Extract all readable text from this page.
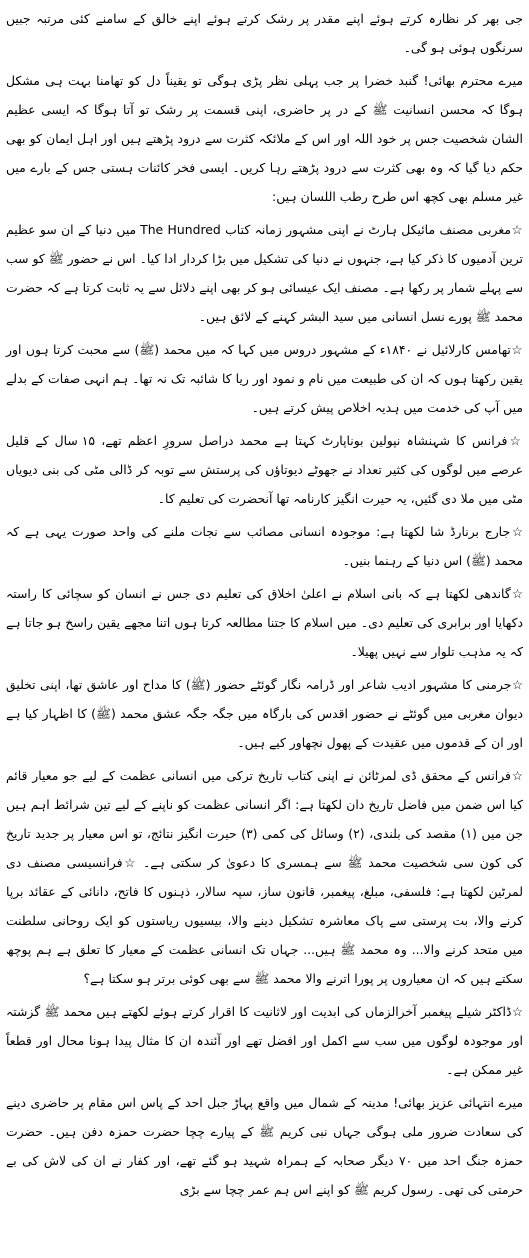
جی بھر کر نظارہ کرتے ہوئے اپنے مقدر پر رشک کرتے ہوئے اپنے خالق کے سامنے کئی مرتبہ جبیں سرنگوں ہوئی ہو گی۔

میرے محترم بھائی! گنبد خضرا پر جب پہلی نظر پڑی ہوگی تو یقیناً دل کو تھامنا بہت ہی مشکل ہوگا کہ محسن انسانیت ﷺ کے در پر حاضری، اپنی قسمت پر رشک تو آتا ہوگا کہ ایسی عظیم الشان شخصیت جس پر خود اللہ اور اس کے ملائکہ کثرت سے درود پڑھتے ہیں اور اہل ایمان کو بھی حکم دیا گیا کہ وہ بھی کثرت سے درود پڑھتے رہا کریں۔ ایسی فخر کائنات ہستی جس کے بارے میں غیر مسلم بھی کچھ اس طرح رطب اللسان ہیں:

☆مغربی مصنف مائیکل ہارٹ نے اپنی مشہور زمانہ کتاب The Hundred میں دنیا کے ان سو عظیم ترین آدمیوں کا ذکر کیا ہے، جنہوں نے دنیا کی تشکیل میں بڑا کردار ادا کیا۔ اس نے حضور ﷺ کو سب سے پہلے شمار پر رکھا ہے۔ مصنف ایک عیسائی ہو کر بھی اپنے دلائل سے یہ ثابت کرتا ہے کہ حضرت محمد ﷺ پورے نسل انسانی میں سید البشر کہنے کے لائق ہیں۔

☆تھامس کارلائیل نے ۱۸۴۰ء کے مشہور دروس میں کہا کہ میں محمد (ﷺ) سے محبت کرتا ہوں اور یقین رکھتا ہوں کہ ان کی طبیعت میں نام و نمود اور ریا کا شائبہ تک نہ تھا۔ ہم انہی صفات کے بدلے میں آپ کی خدمت میں ہدیہ اخلاص پیش کرتے ہیں۔

☆فرانس کا شہنشاہ نپولین بوناپارٹ کہتا ہے محمد دراصل سرورِ اعظم تھے، ۱۵ سال کے قلیل عرصے میں لوگوں کی کثیر تعداد نے جھوٹے دیوتاؤں کی پرستش سے توبہ کر ڈالی مٹی کی بنی دیویاں مٹی میں ملا دی گئیں، یہ حیرت انگیز کارنامہ تھا آنحضرت کی تعلیم کا۔

☆جارج برنارڈ شا لکھتا ہے: موجودہ انسانی مصائب سے نجات ملنے کی واحد صورت یہی ہے کہ محمد (ﷺ) اس دنیا کے رہنما بنیں۔

☆گاندھی لکھتا ہے کہ بانی اسلام نے اعلیٰ اخلاق کی تعلیم دی جس نے انسان کو سچائی کا راستہ دکھایا اور برابری کی تعلیم دی۔ میں اسلام کا جتنا مطالعہ کرتا ہوں اتنا مجھے یقین راسخ ہو جاتا ہے کہ یہ مذہب تلوار سے نہیں پھیلا۔

☆جرمنی کا مشہور ادیب شاعر اور ڈرامہ نگار گوئٹے حضور (ﷺ) کا مداح اور عاشق تھا، اپنی تخلیق دیوان مغربی میں گوئٹے نے حضور اقدس کی بارگاہ میں جگہ جگہ عشق محمد (ﷺ) کا اظہار کیا ہے اور ان کے قدموں میں عقیدت کے پھول نچھاور کیے ہیں۔

☆فرانس کے محقق ڈی لمرٹائن نے اپنی کتاب تاریخ ترکی میں انسانی عظمت کے لیے جو معیار قائم کیا اس ضمن میں فاضل تاریخ دان لکھتا ہے: اگر انسانی عظمت کو ناپنے کے لیے تین شرائط اہم ہیں جن میں (۱) مقصد کی بلندی، (۲) وسائل کی کمی (۳) حیرت انگیز نتائج، تو اس معیار پر جدید تاریخ کی کون سی شخصیت محمد ﷺ سے ہمسری کا دعویٰ کر سکتی ہے۔ ☆فرانسیسی مصنف دی لمرٹین لکھتا ہے: فلسفی، مبلغ، پیغمبر، قانون ساز، سپہ سالار، ذہنوں کا فاتح، دانائی کے عقائد برپا کرنے والا، بت پرستی سے پاک معاشرہ تشکیل دینے والا، بیسیوں ریاستوں کو ایک روحانی سلطنت میں متحد کرنے والا... وہ محمد ﷺ ہیں... جہاں تک انسانی عظمت کے معیار کا تعلق ہے ہم پوچھ سکتے ہیں کہ ان معیاروں پر پورا اترنے والا محمد ﷺ سے بھی کوئی برتر ہو سکتا ہے؟

☆ڈاکٹر شیلے پیغمبر آخرالزماں کی ابدیت اور لاثانیت کا اقرار کرتے ہوئے لکھتے ہیں محمد ﷺ گزشتہ اور موجودہ لوگوں میں سب سے اکمل اور افضل تھے اور آئندہ ان کا مثال پیدا ہونا محال اور قطعاً غیر ممکن ہے۔

میرے انتہائی عزیز بھائی! مدینہ کے شمال میں واقع پہاڑ جبل احد کے پاس اس مقام پر حاضری دینے کی سعادت ضرور ملی ہوگی جہاں نبی کریم ﷺ کے پیارے چچا حضرت حمزہ دفن ہیں۔ حضرت حمزہ جنگ احد میں ۷۰ دیگر صحابہ کے ہمراہ شہید ہو گئے تھے، اور کفار نے ان کی لاش کی بے حرمتی کی تھی۔ رسول کریم ﷺ کو اپنے اس ہم عمر چچا سے بڑی
